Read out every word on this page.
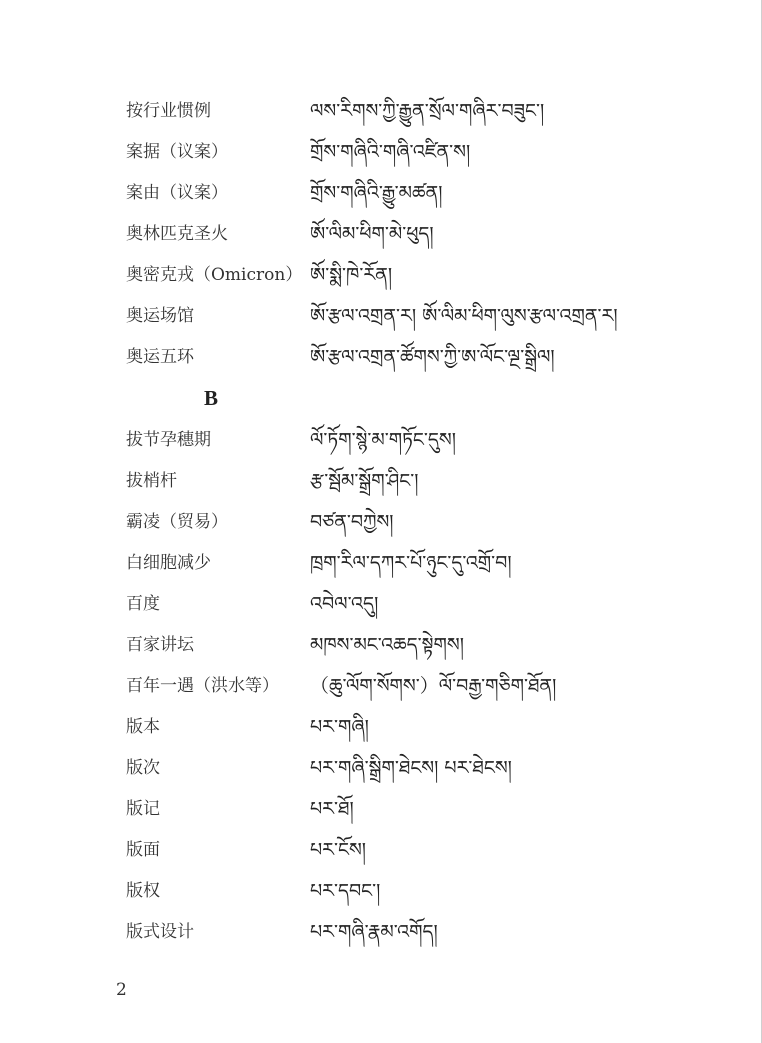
按行业惯例	ལས་རིགས་ཀྱི་རྒྱུན་སྲོལ་གཞིར་བཟུང་།
案据（议案）	གྲོས་གཞིའི་གཞི་འཛིན་ས།
案由（议案）	གྲོས་གཞིའི་རྒྱུ་མཚན།
奥林匹克圣火	ཨོ་ལིམ་ཕིག་མེ་ཕུད།
奥密克戎（Omicron） ཨོ་སྨི་ཁེ་རོན།
奥运场馆	ཨོ་རྩལ་འགྲན་ར། ཨོ་ལིམ་ཕིག་ལུས་རྩལ་འགྲན་ར།
奥运五环	ཨོ་རྩལ་འགྲན་ཚོགས་ཀྱི་ཨ་ལོང་ལྔ་སྒྲིལ།
B
拔节孕穗期	ལོ་ཏོག་སྙེ་མ་གཏོང་དུས།
拔梢杆	རྩ་སྦོམ་སྒྲོག་ཤིང་།
霸凌（贸易）	བཙན་བཀྱེས།
白细胞减少	ཁྲག་རིལ་དཀར་པོ་ཉུང་དུ་འགྲོ་བ།
百度	འབེལ་འདུ།
百家讲坛	མཁས་མང་འཆད་སྟེགས།
百年一遇（洪水等）	（ཆུ་ལོག་སོགས་）ལོ་བརྒྱ་གཅིག་ཐོན།
版本	པར་གཞི།
版次	པར་གཞི་སྒྲིག་ཐེངས། པར་ཐེངས།
版记	པར་ཐོ།
版面	པར་ངོས།
版权	པར་དབང་།
版式设计	པར་གཞི་རྣམ་འགོད།
2
